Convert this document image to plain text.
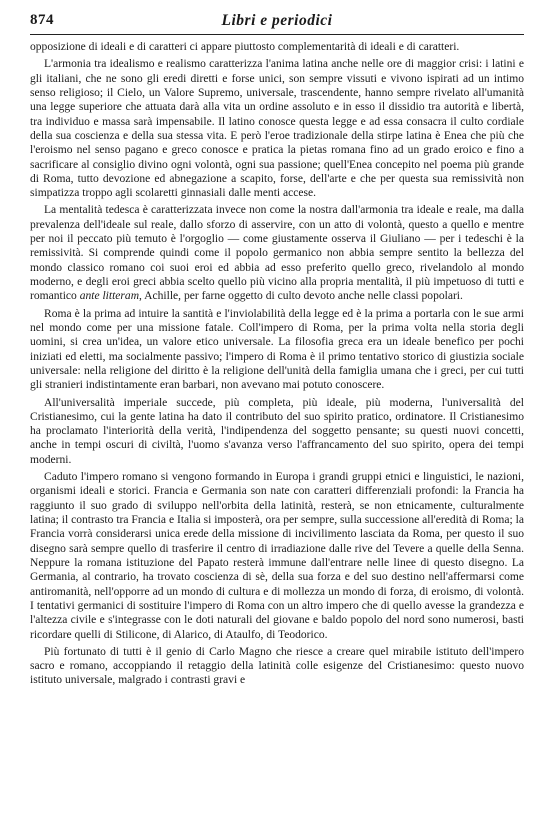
874	Libri e periodici

opposizione di ideali e di caratteri ci appare piuttosto complementarità di ideali e di caratteri.

L'armonia tra idealismo e realismo caratterizza l'anima latina anche nelle ore di maggior crisi: i latini e gli italiani, che ne sono gli eredi diretti e forse unici, son sempre vissuti e vivono ispirati ad un intimo senso religioso; il Cielo, un Valore Supremo, universale, trascendente, hanno sempre rivelato all'umanità una legge superiore che attuata darà alla vita un ordine assoluto e in esso il dissidio tra autorità e libertà, tra individuo e massa sarà impensabile. Il latino conosce questa legge e ad essa consacra il culto cordiale della sua coscienza e della sua stessa vita. E però l'eroe tradizionale della stirpe latina è Enea che più che l'eroismo nel senso pagano e greco conosce e pratica la pietas romana fino ad un grado eroico e fino a sacrificare al consiglio divino ogni volontà, ogni sua passione; quell'Enea concepito nel poema più grande di Roma, tutto devozione ed abnegazione a scapito, forse, dell'arte e che per questa sua remissività non simpatizza troppo agli scolaretti ginnasiali dalle menti accese.

La mentalità tedesca è caratterizzata invece non come la nostra dall'armonia tra ideale e reale, ma dalla prevalenza dell'ideale sul reale, dallo sforzo di asservire, con un atto di volontà, questo a quello e mentre per noi il peccato più temuto è l'orgoglio — come giustamente osserva il Giuliano — per i tedeschi è la remissività. Si comprende quindi come il popolo germanico non abbia sempre sentito la bellezza del mondo classico romano coi suoi eroi ed abbia ad esso preferito quello greco, rivelandolo al mondo moderno, e degli eroi greci abbia scelto quello più vicino alla propria mentalità, il più impetuoso di tutti e romantico ante litteram, Achille, per farne oggetto di culto devoto anche nelle classi popolari.

Roma è la prima ad intuire la santità e l'inviolabilità della legge ed è la prima a portarla con le sue armi nel mondo come per una missione fatale. Coll'impero di Roma, per la prima volta nella storia degli uomini, si crea un'idea, un valore etico universale. La filosofia greca era un ideale benefico per pochi iniziati ed eletti, ma socialmente passivo; l'impero di Roma è il primo tentativo storico di giustizia sociale universale: nella religione del diritto è la religione dell'unità della famiglia umana che i greci, per cui tutti gli stranieri indistintamente eran barbari, non avevano mai potuto conoscere.

All'universalità imperiale succede, più completa, più ideale, più moderna, l'universalità del Cristianesimo, cui la gente latina ha dato il contributo del suo spirito pratico, ordinatore. Il Cristianesimo ha proclamato l'interiorità della verità, l'indipendenza del soggetto pensante; su questi nuovi concetti, anche in tempi oscuri di civiltà, l'uomo s'avanza verso l'affrancamento del suo spirito, opera dei tempi moderni.

Caduto l'impero romano si vengono formando in Europa i grandi gruppi etnici e linguistici, le nazioni, organismi ideali e storici. Francia e Germania son nate con caratteri differenziali profondi: la Francia ha raggiunto il suo grado di sviluppo nell'orbita della latinità, resterà, se non etnicamente, culturalmente latina; il contrasto tra Francia e Italia si imposterà, ora per sempre, sulla successione all'eredità di Roma; la Francia vorrà considerarsi unica erede della missione di incivilimento lasciata da Roma, per questo il suo disegno sarà sempre quello di trasferire il centro di irradiazione dalle rive del Tevere a quelle della Senna. Neppure la romana istituzione del Papato resterà immune dall'entrare nelle linee di questo disegno. La Germania, al contrario, ha trovato coscienza di sè, della sua forza e del suo destino nell'affermarsi come antiromanità, nell'opporre ad un mondo di cultura e di mollezza un mondo di forza, di eroismo, di volontà. I tentativi germanici di sostituire l'impero di Roma con un altro impero che di quello avesse la grandezza e l'altezza civile e s'integrasse con le doti naturali del giovane e baldo popolo del nord sono numerosi, basti ricordare quelli di Stilicone, di Alarico, di Ataulfo, di Teodorico.

Più fortunato di tutti è il genio di Carlo Magno che riesce a creare quel mirabile istituto dell'impero sacro e romano, accoppiando il retaggio della latinità colle esigenze del Cristianesimo: questo nuovo istituto universale, malgrado i contrasti gravi e
